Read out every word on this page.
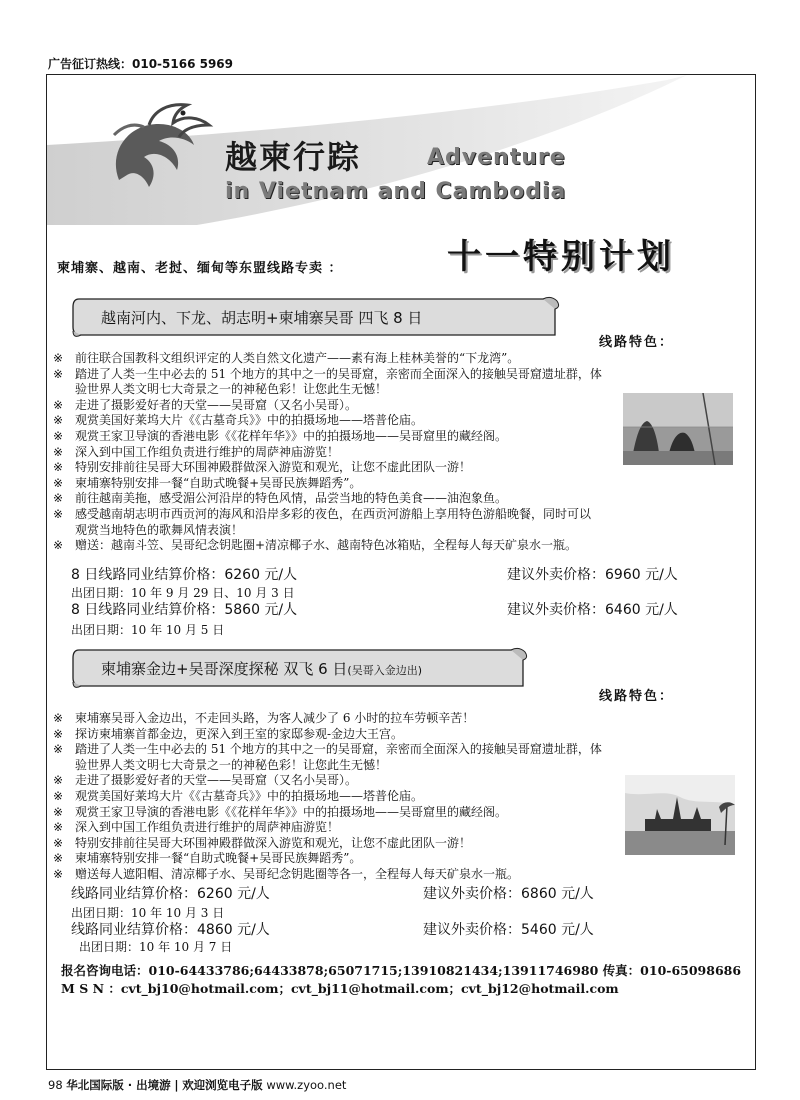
广告征订热线：010-5166 5969
越柬行踪	Adventure
in Vietnam and Cambodia
柬埔寨、越南、老挝、缅甸等东盟线路专卖 ：	十一特别计划
越南河内、下龙、胡志明+柬埔寨吴哥 四飞 8 日
线路特色：
※ 前往联合国教科文组织评定的人类自然文化遗产——素有海上桂林美誉的“下龙湾”。
※ 踏进了人类一生中必去的 51 个地方的其中之一的吴哥窟，亲密而全面深入的接触吴哥窟遗址群，体
验世界人类文明七大奇景之一的神秘色彩！让您此生无憾！
※ 走进了摄影爱好者的天堂——吴哥窟（又名小吴哥）。
※ 观赏美国好莱坞大片《《古墓奇兵》》中的拍摄场地——塔普伦庙。
※ 观赏王家卫导演的香港电影《《花样年华》》中的拍摄场地——吴哥窟里的藏经阁。
※ 深入到中国工作组负责进行维护的周萨神庙游览！
※ 特别安排前往吴哥大环围神殿群做深入游览和观光，让您不虚此团队一游！
※ 柬埔寨特别安排一餐“自助式晚餐+吴哥民族舞蹈秀”。
※ 前往越南美拖，感受湄公河沿岸的特色风情，品尝当地的特色美食——油泡象鱼。
※ 感受越南胡志明市西贡河的海风和沿岸多彩的夜色，在西贡河游船上享用特色游船晚餐，同时可以
观赏当地特色的歌舞风情表演！
※ 赠送：越南斗笠、吴哥纪念钥匙圈+清凉椰子水、越南特色冰箱贴，全程每人每天矿泉水一瓶。
8 日线路同业结算价格：6260 元/人	建议外卖价格：6960 元/人
出团日期：10 年 9 月 29 日、10 月 3 日
8 日线路同业结算价格：5860 元/人	建议外卖价格：6460 元/人
出团日期：10 年 10 月 5 日
柬埔寨金边+吴哥深度探秘 双飞 6 日(吴哥入金边出)
线路特色：
※ 柬埔寨吴哥入金边出，不走回头路，为客人减少了 6 小时的拉车劳顿辛苦！
※ 探访柬埔寨首都金边，更深入到王室的家邸参观-金边大王宫。
※ 踏进了人类一生中必去的 51 个地方的其中之一的吴哥窟，亲密而全面深入的接触吴哥窟遗址群，体
验世界人类文明七大奇景之一的神秘色彩！让您此生无憾！
※ 走进了摄影爱好者的天堂——吴哥窟（又名小吴哥）。
※ 观赏美国好莱坞大片《《古墓奇兵》》中的拍摄场地——塔普伦庙。
※ 观赏王家卫导演的香港电影《《花样年华》》中的拍摄场地——吴哥窟里的藏经阁。
※ 深入到中国工作组负责进行维护的周萨神庙游览！
※ 特别安排前往吴哥大环围神殿群做深入游览和观光，让您不虚此团队一游！
※ 柬埔寨特别安排一餐“自助式晚餐+吴哥民族舞蹈秀”。
※ 赠送每人遮阳帽、清凉椰子水、吴哥纪念钥匙圈等各一，全程每人每天矿泉水一瓶。
线路同业结算价格：6260 元/人	建议外卖价格：6860 元/人
出团日期：10 年 10 月 3 日
线路同业结算价格：4860 元/人	建议外卖价格：5460 元/人
出团日期：10 年 10 月 7 日
报名咨询电话：010-64433786;64433878;65071715;13910821434;13911746980 传真：010-65098686
M S N ：cvt_bj10@hotmail.com；cvt_bj11@hotmail.com；cvt_bj12@hotmail.com
98 华北国际版 · 出境游 | 欢迎浏览电子版 www.zyoo.net
